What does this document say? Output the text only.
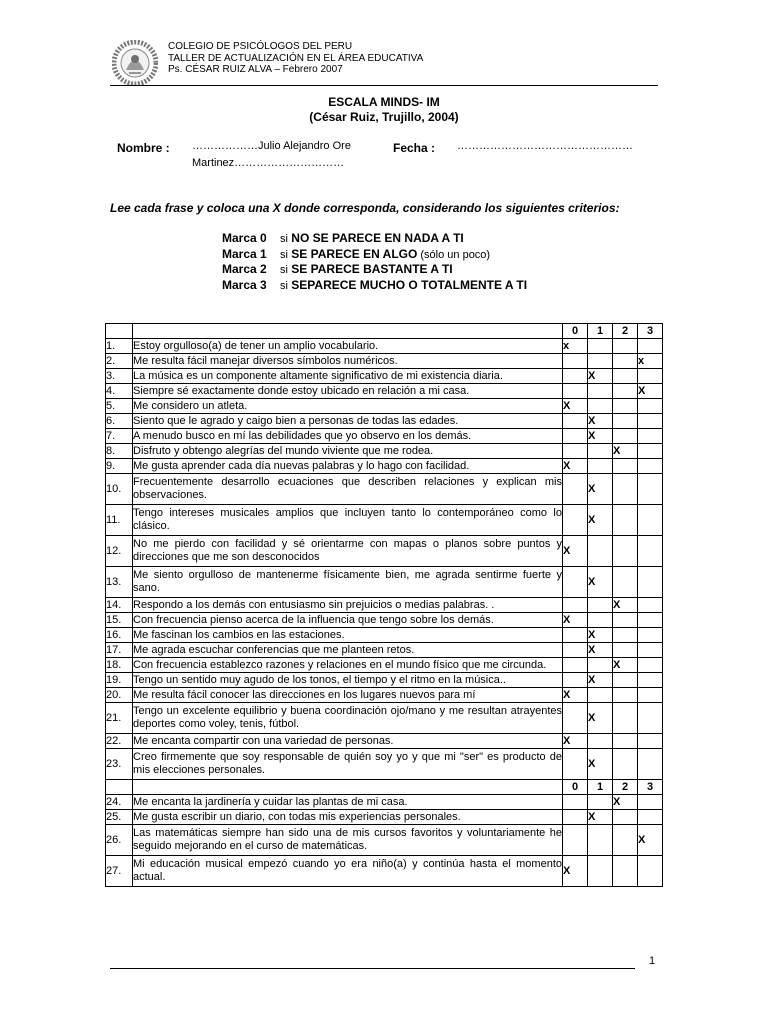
COLEGIO DE PSICÓLOGOS DEL PERU
TALLER DE ACTUALIZACIÓN EN EL ÁREA EDUCATIVA
Ps. CÉSAR RUIZ ALVA – Febrero 2007
ESCALA MINDS- IM
(César Ruiz, Trujillo, 2004)
Nombre : ………………Julio Alejandro Ore
Martinez…………………………
Fecha : …………………………………………
Lee cada frase y coloca una X donde corresponda, considerando los siguientes criterios:
Marca 0 si NO SE PARECE EN NADA A TI
Marca 1 si SE PARECE EN ALGO (sólo un poco)
Marca 2 si SE PARECE BASTANTE A TI
Marca 3 si SEPARECE MUCHO O TOTALMENTE A TI
		0	1	2	3
1.	Estoy orgulloso(a) de tener un amplio vocabulario.	x			
2.	Me resulta fácil manejar diversos símbolos numéricos.				x
3.	La música es un componente altamente significativo de mi existencia diaria.		X		
4.	Siempre sé exactamente donde estoy ubicado en relación a mi casa.				X
5.	Me considero un atleta.	X			
6.	Siento que le agrado y caigo bien a personas de todas las edades.		X		
7.	A menudo busco en mí las debilidades que yo observo en los demás.		X		
8.	Disfruto y obtengo alegrías del mundo viviente que me rodea.			X	
9.	Me gusta aprender cada día nuevas palabras y lo hago con facilidad.	X			
10.	Frecuentemente desarrollo ecuaciones que describen relaciones y explican mis observaciones.		X		
11.	Tengo intereses musicales amplios que incluyen tanto lo contemporáneo como lo clásico.		X		
12.	No me pierdo con facilidad y sé orientarme con mapas o planos sobre puntos y direcciones que me son desconocidos	X			
13.	Me siento orgulloso de mantenerme físicamente bien, me agrada sentirme fuerte y sano.		X		
14.	Respondo a los demás con entusiasmo sin prejuicios o medias palabras. .			X	
15.	Con frecuencia pienso acerca de la influencia que tengo sobre los demás.	X			
16.	Me fascinan los cambios en las estaciones.		X		
17.	Me agrada escuchar conferencias que me planteen retos.		X		
18.	Con frecuencia establezco razones y relaciones en el mundo físico que me circunda.			X	
19.	Tengo un sentido muy agudo de los tonos, el tiempo y el ritmo en la música..		X		
20.	Me resulta fácil conocer las direcciones en los lugares nuevos para mí	X			
21.	Tengo un excelente equilibrio y buena coordinación ojo/mano y me resultan atrayentes deportes como voley, tenis, fútbol.		X		
22.	Me encanta compartir con una variedad de personas.	X			
23.	Creo firmemente que soy responsable de quién soy yo y que mi "ser" es producto de mis elecciones personales.		X		
		0	1	2	3
24.	Me encanta la jardinería y cuidar las plantas de mi casa.			X	
25.	Me gusta escribir un diario, con todas mis experiencias personales.		X		
26.	Las matemáticas siempre han sido una de mis cursos favoritos y voluntariamente he seguido mejorando en el curso de matemáticas.				X
27.	Mi educación musical empezó cuando yo era niño(a) y continúa hasta el momento actual.	X			
1
